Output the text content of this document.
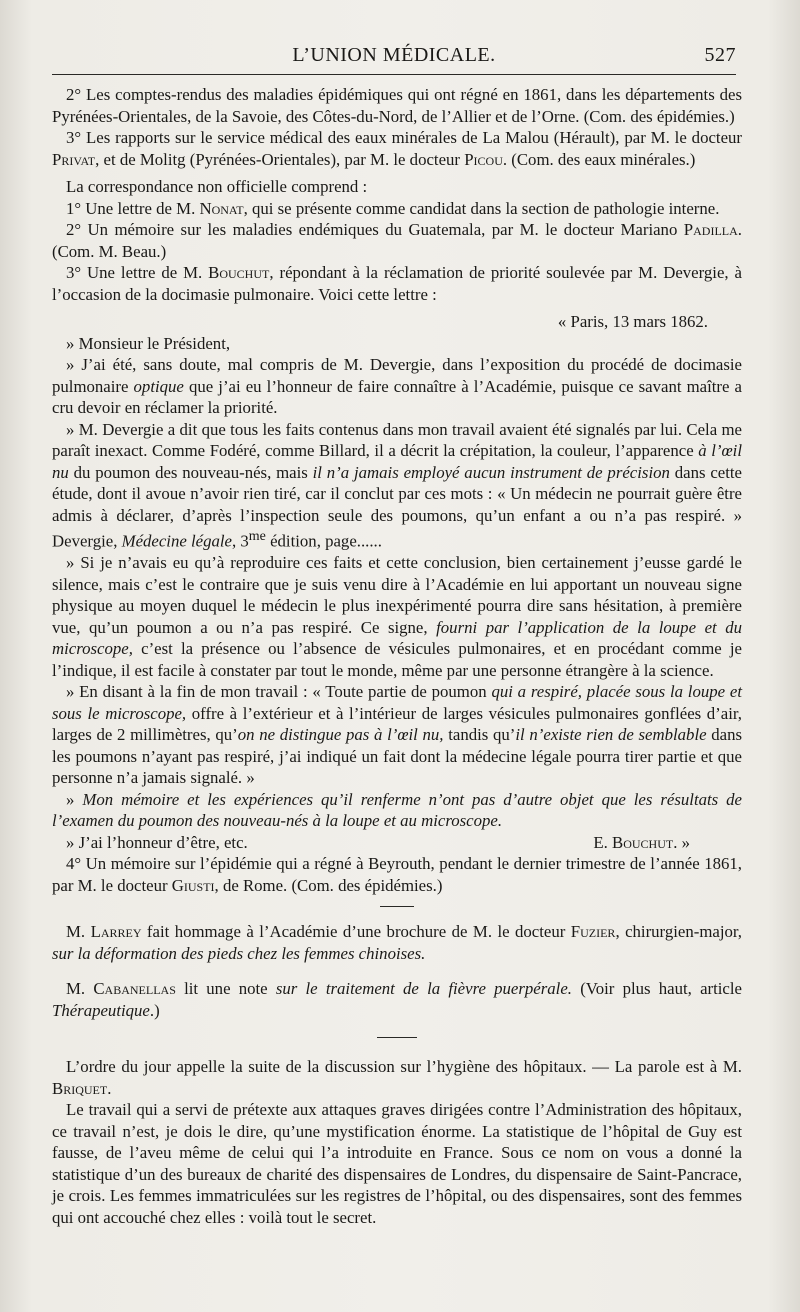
L’UNION MÉDICALE.	527

2° Les comptes-rendus des maladies épidémiques qui ont régné en 1861, dans les départements des Pyrénées-Orientales, de la Savoie, des Côtes-du-Nord, de l’Allier et de l’Orne. (Com. des épidémies.)

3° Les rapports sur le service médical des eaux minérales de La Malou (Hérault), par M. le docteur Privat, et de Molitg (Pyrénées-Orientales), par M. le docteur Picou. (Com. des eaux minérales.)

La correspondance non officielle comprend :

1° Une lettre de M. Nonat, qui se présente comme candidat dans la section de pathologie interne.

2° Un mémoire sur les maladies endémiques du Guatemala, par M. le docteur Mariano Padilla. (Com. M. Beau.)

3° Une lettre de M. Bouchut, répondant à la réclamation de priorité soulevée par M. Devergie, à l’occasion de la docimasie pulmonaire. Voici cette lettre :

« Paris, 13 mars 1862.

» Monsieur le Président,

» J’ai été, sans doute, mal compris de M. Devergie, dans l’exposition du procédé de docimasie pulmonaire optique que j’ai eu l’honneur de faire connaître à l’Académie, puisque ce savant maître a cru devoir en réclamer la priorité.

» M. Devergie a dit que tous les faits contenus dans mon travail avaient été signalés par lui. Cela me paraît inexact. Comme Fodéré, comme Billard, il a décrit la crépitation, la couleur, l’apparence à l’œil nu du poumon des nouveau-nés, mais il n’a jamais employé aucun instrument de précision dans cette étude, dont il avoue n’avoir rien tiré, car il conclut par ces mots : « Un médecin ne pourrait guère être admis à déclarer, d’après l’inspection seule des poumons, qu’un enfant a ou n’a pas respiré. » Devergie, Médecine légale, $3^{me}$ édition, page......

» Si je n’avais eu qu’à reproduire ces faits et cette conclusion, bien certainement j’eusse gardé le silence, mais c’est le contraire que je suis venu dire à l’Académie en lui apportant un nouveau signe physique au moyen duquel le médecin le plus inexpérimenté pourra dire sans hésitation, à première vue, qu’un poumon a ou n’a pas respiré. Ce signe, fourni par l’application de la loupe et du microscope, c’est la présence ou l’absence de vésicules pulmonaires, et en procédant comme je l’indique, il est facile à constater par tout le monde, même par une personne étrangère à la science.

» En disant à la fin de mon travail : « Toute partie de poumon qui a respiré, placée sous la loupe et sous le microscope, offre à l’extérieur et à l’intérieur de larges vésicules pulmonaires gonflées d’air, larges de 2 millimètres, qu’on ne distingue pas à l’œil nu, tandis qu’il n’existe rien de semblable dans les poumons n’ayant pas respiré, j’ai indiqué un fait dont la médecine légale pourra tirer partie et que personne n’a jamais signalé. »

» Mon mémoire et les expériences qu’il renferme n’ont pas d’autre objet que les résultats de l’examen du poumon des nouveau-nés à la loupe et au microscope.

» J’ai l’honneur d’être, etc.	E. Bouchut. »

4° Un mémoire sur l’épidémie qui a régné à Beyrouth, pendant le dernier trimestre de l’année 1861, par M. le docteur Giusti, de Rome. (Com. des épidémies.)

M. Larrey fait hommage à l’Académie d’une brochure de M. le docteur Fuzier, chirurgien-major, sur la déformation des pieds chez les femmes chinoises.

M. Cabanellas lit une note sur le traitement de la fièvre puerpérale. (Voir plus haut, article Thérapeutique.)

L’ordre du jour appelle la suite de la discussion sur l’hygiène des hôpitaux. — La parole est à M. Briquet.

Le travail qui a servi de prétexte aux attaques graves dirigées contre l’Administration des hôpitaux, ce travail n’est, je dois le dire, qu’une mystification énorme. La statistique de l’hôpital de Guy est fausse, de l’aveu même de celui qui l’a introduite en France. Sous ce nom on vous a donné la statistique d’un des bureaux de charité des dispensaires de Londres, du dispensaire de Saint-Pancrace, je crois. Les femmes immatriculées sur les registres de l’hôpital, ou des dispensaires, sont des femmes qui ont accouché chez elles : voilà tout le secret.
